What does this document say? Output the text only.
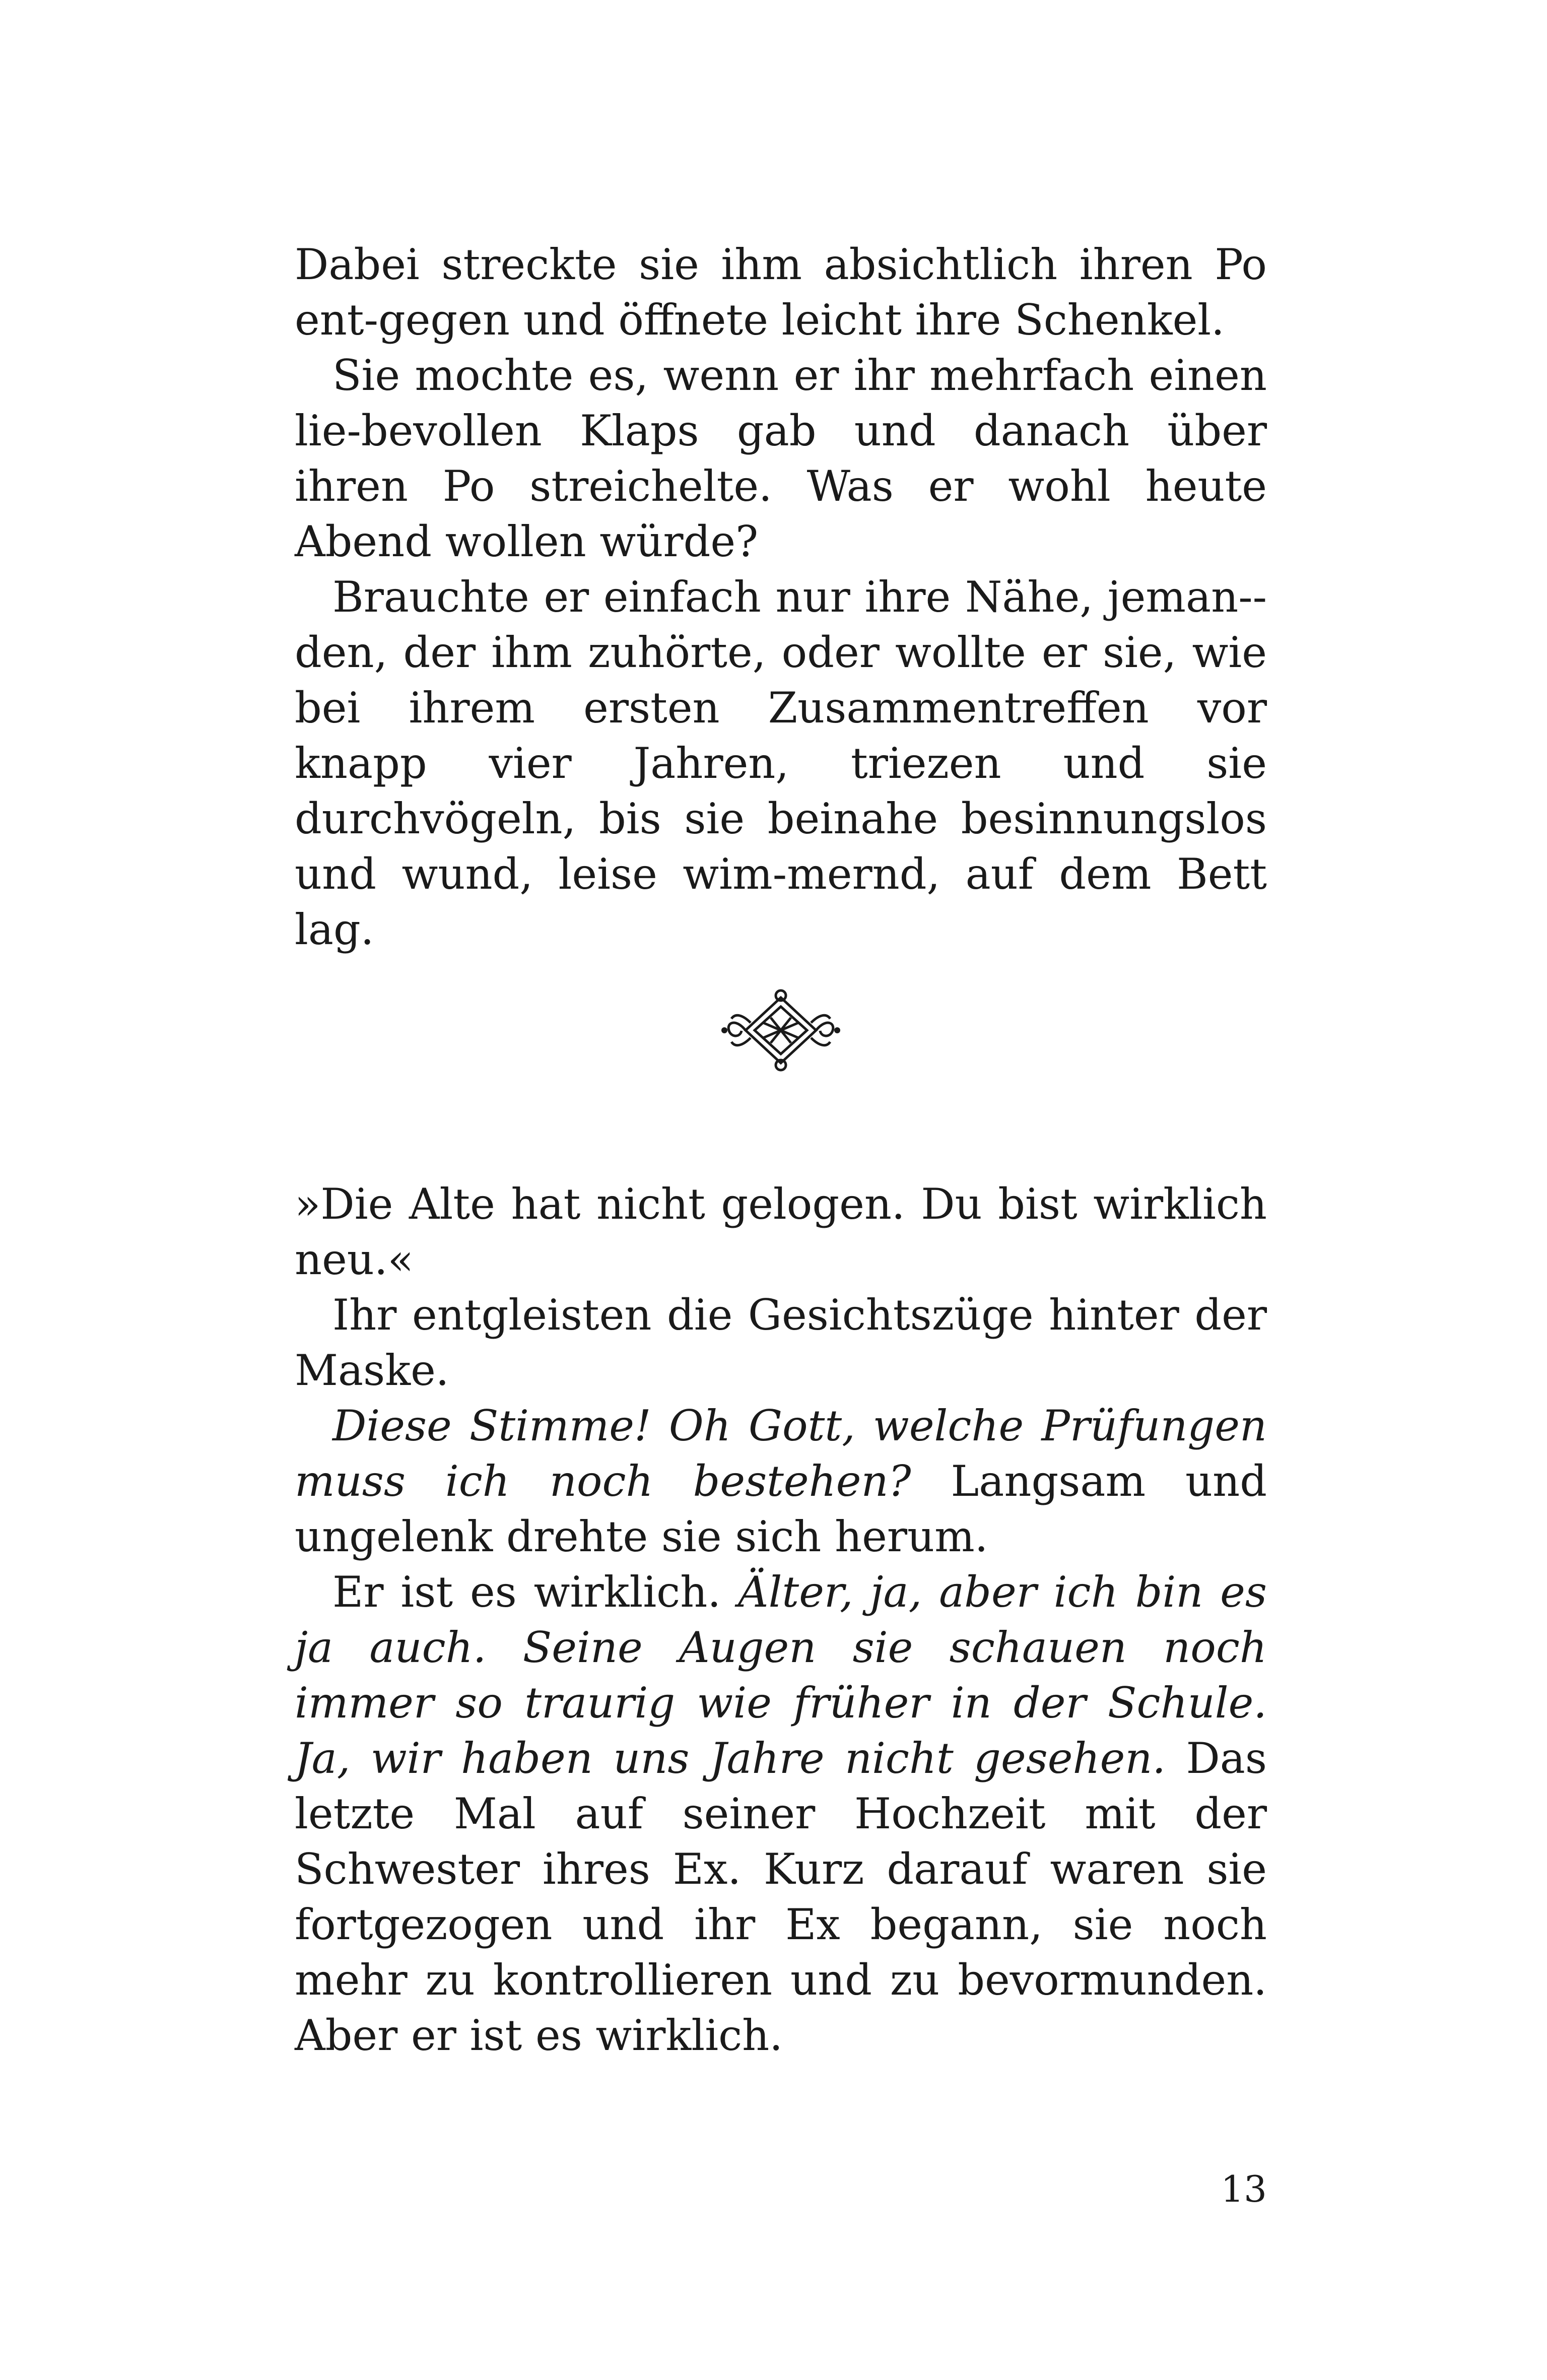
Dabei streckte sie ihm absichtlich ihren Po ent-gegen und öffnete leicht ihre Schenkel.

Sie mochte es, wenn er ihr mehrfach einen lie-bevollen Klaps gab und danach über ihren Po streichelte. Was er wohl heute Abend wollen würde?

Brauchte er einfach nur ihre Nähe, jeman-den, der ihm zuhörte, oder wollte er sie, wie bei ihrem ersten Zusammentreffen vor knapp vier Jahren, triezen und sie durchvögeln, bis sie beinahe besinnungslos und wund, leise wim-mernd, auf dem Bett lag.

»Die Alte hat nicht gelogen. Du bist wirklich neu.«

Ihr entgleisten die Gesichtszüge hinter der Maske.

Diese Stimme! Oh Gott, welche Prüfungen muss ich noch bestehen? Langsam und ungelenk drehte sie sich herum.

Er ist es wirklich. Älter, ja, aber ich bin es ja auch. Seine Augen sie schauen noch immer so traurig wie früher in der Schule. Ja, wir haben uns Jahre nicht gesehen. Das letzte Mal auf seiner Hochzeit mit der Schwester ihres Ex. Kurz darauf waren sie fortgezogen und ihr Ex begann, sie noch mehr zu kontrollieren und zu bevormunden. Aber er ist es wirklich.

13
